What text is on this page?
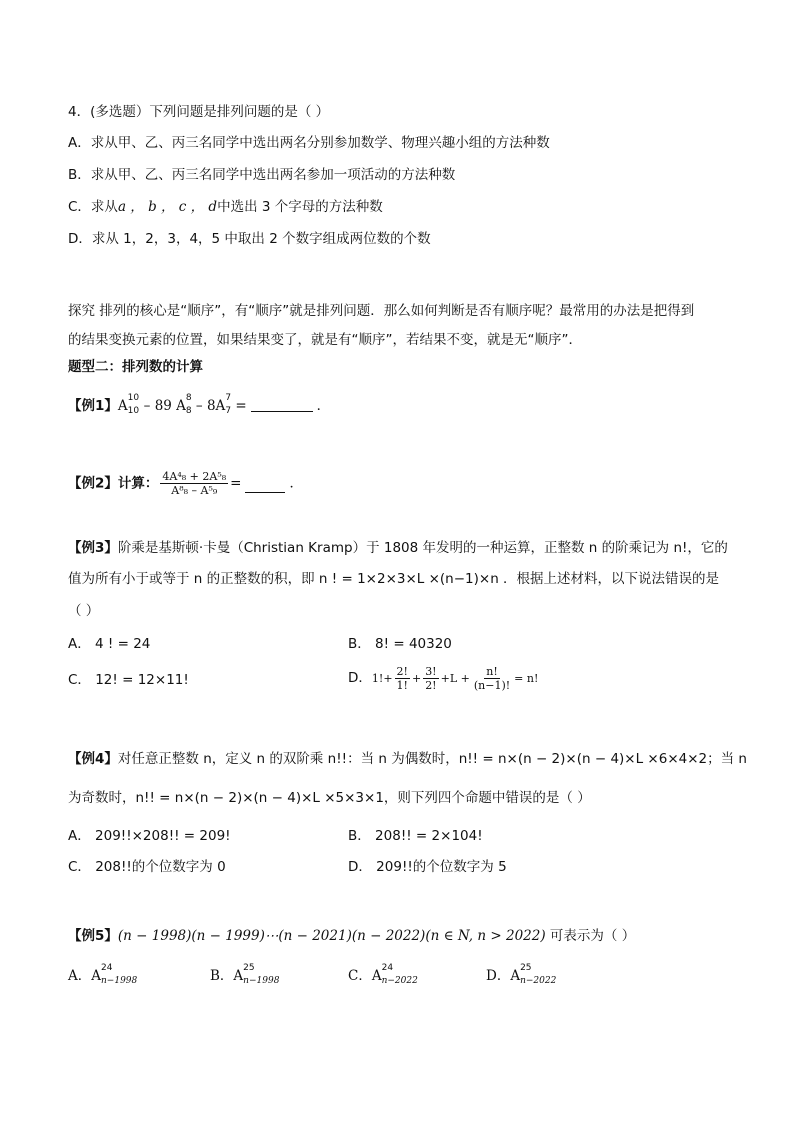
4．(多选题）下列问题是排列问题的是（ ）
A．求从甲、乙、丙三名同学中选出两名分别参加数学、物理兴趣小组的方法种数
B．求从甲、乙、丙三名同学中选出两名参加一项活动的方法种数
C．求从a ， b ， c ， d中选出 3 个字母的方法种数
D．求从 1，2，3，4，5 中取出 2 个数字组成两位数的个数
探究 排列的核心是“顺序”，有“顺序”就是排列问题．那么如何判断是否有顺序呢？最常用的办法是把得到
的结果变换元素的位置，如果结果变了，就是有“顺序”，若结果不变，就是无“顺序”．
题型二：排列数的计算
【例1】A 10
10 – 89 A 8
8 – 8A 7
7 =	．
【例2】计算： $\frac{\text{4A⁴₈ + 2A⁵₈}}{\text{A⁸₈ – A⁵₉}}$ =	．
【例3】阶乘是基斯顿·卡曼（Christian Kramp）于 1808 年发明的一种运算，正整数 n 的阶乘记为 n!，它的
值为所有小于或等于 n 的正整数的积，即 n ! = 1×2×3×L ×(n−1)×n ．根据上述材料，以下说法错误的是
（ ）
A． 4 ! = 24	B． 8! = 40320
C． 12! = 12×11!	D．$1!+ \frac{2!}{1!} + \frac{3!}{2!} +L + \frac{n!}{(n-1)!} = n$!
【例4】对任意正整数 n，定义 n 的双阶乘 n!!：当 n 为偶数时，n!! = n×(n − 2)×(n − 4)×L ×6×4×2；当 n
为奇数时，n!! = n×(n − 2)×(n − 4)×L ×5×3×1，则下列四个命题中错误的是（ ）
A． 209!!×208!! = 209!	B． 208!! = 2×104!
C． 208!!的个位数字为 0	D． 209!!的个位数字为 5
【例5】(n − 1998)(n − 1999)⋯(n − 2021)(n − 2022)(n ∈ N, n > 2022) 可表示为（ ）
A．A 24
n−1998	B．A 25
n−1998	C．A 24
n−2022	D．A 25
n−2022
